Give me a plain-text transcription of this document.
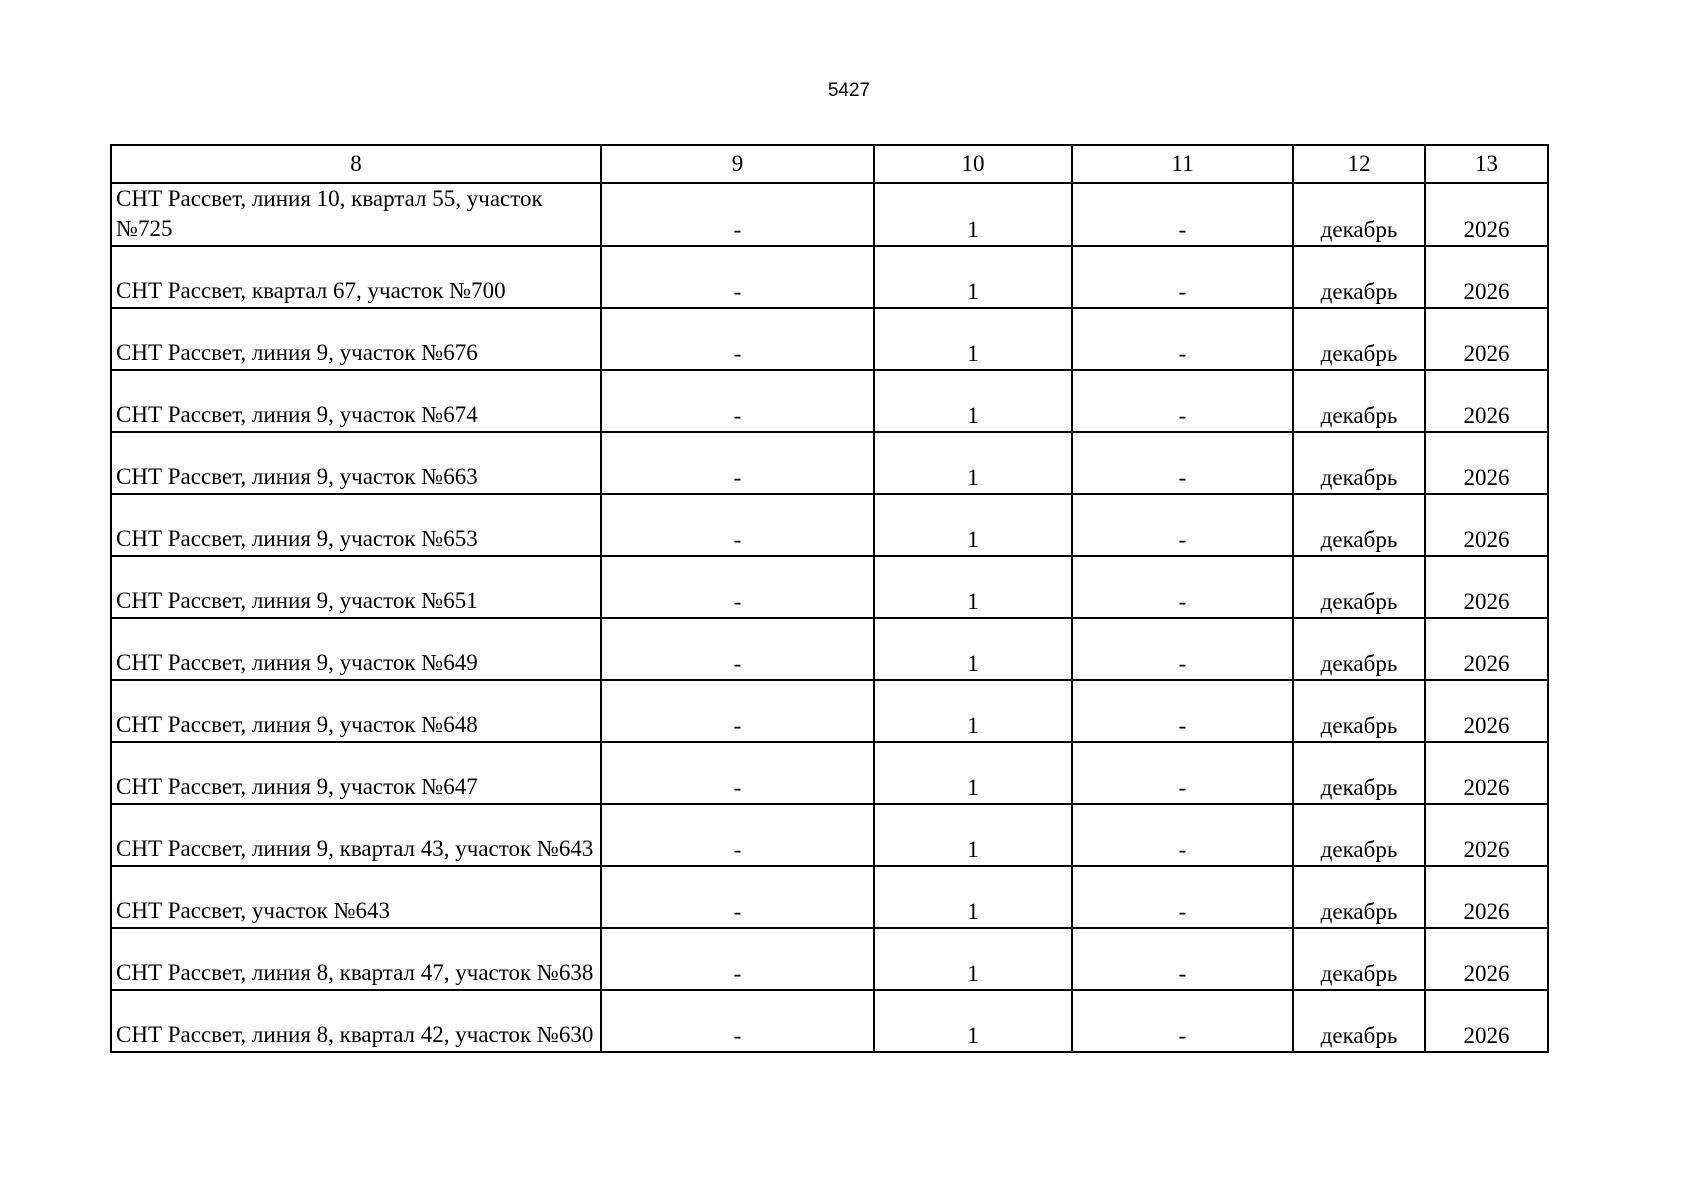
5427
8	9	10	11	12	13

СНТ Рассвет, линия 10, квартал 55, участок №725	-	1	-	декабрь	2026

СНТ Рассвет, квартал 67, участок №700	-	1	-	декабрь	2026

СНТ Рассвет, линия 9, участок №676	-	1	-	декабрь	2026

СНТ Рассвет, линия 9, участок №674	-	1	-	декабрь	2026

СНТ Рассвет, линия 9, участок №663	-	1	-	декабрь	2026

СНТ Рассвет, линия 9, участок №653	-	1	-	декабрь	2026

СНТ Рассвет, линия 9, участок №651	-	1	-	декабрь	2026

СНТ Рассвет, линия 9, участок №649	-	1	-	декабрь	2026

СНТ Рассвет, линия 9, участок №648	-	1	-	декабрь	2026

СНТ Рассвет, линия 9, участок №647	-	1	-	декабрь	2026

СНТ Рассвет, линия 9, квартал 43, участок №643	-	1	-	декабрь	2026

СНТ Рассвет, участок №643	-	1	-	декабрь	2026

СНТ Рассвет, линия 8, квартал 47, участок №638	-	1	-	декабрь	2026

СНТ Рассвет, линия 8, квартал 42, участок №630	-	1	-	декабрь	2026
